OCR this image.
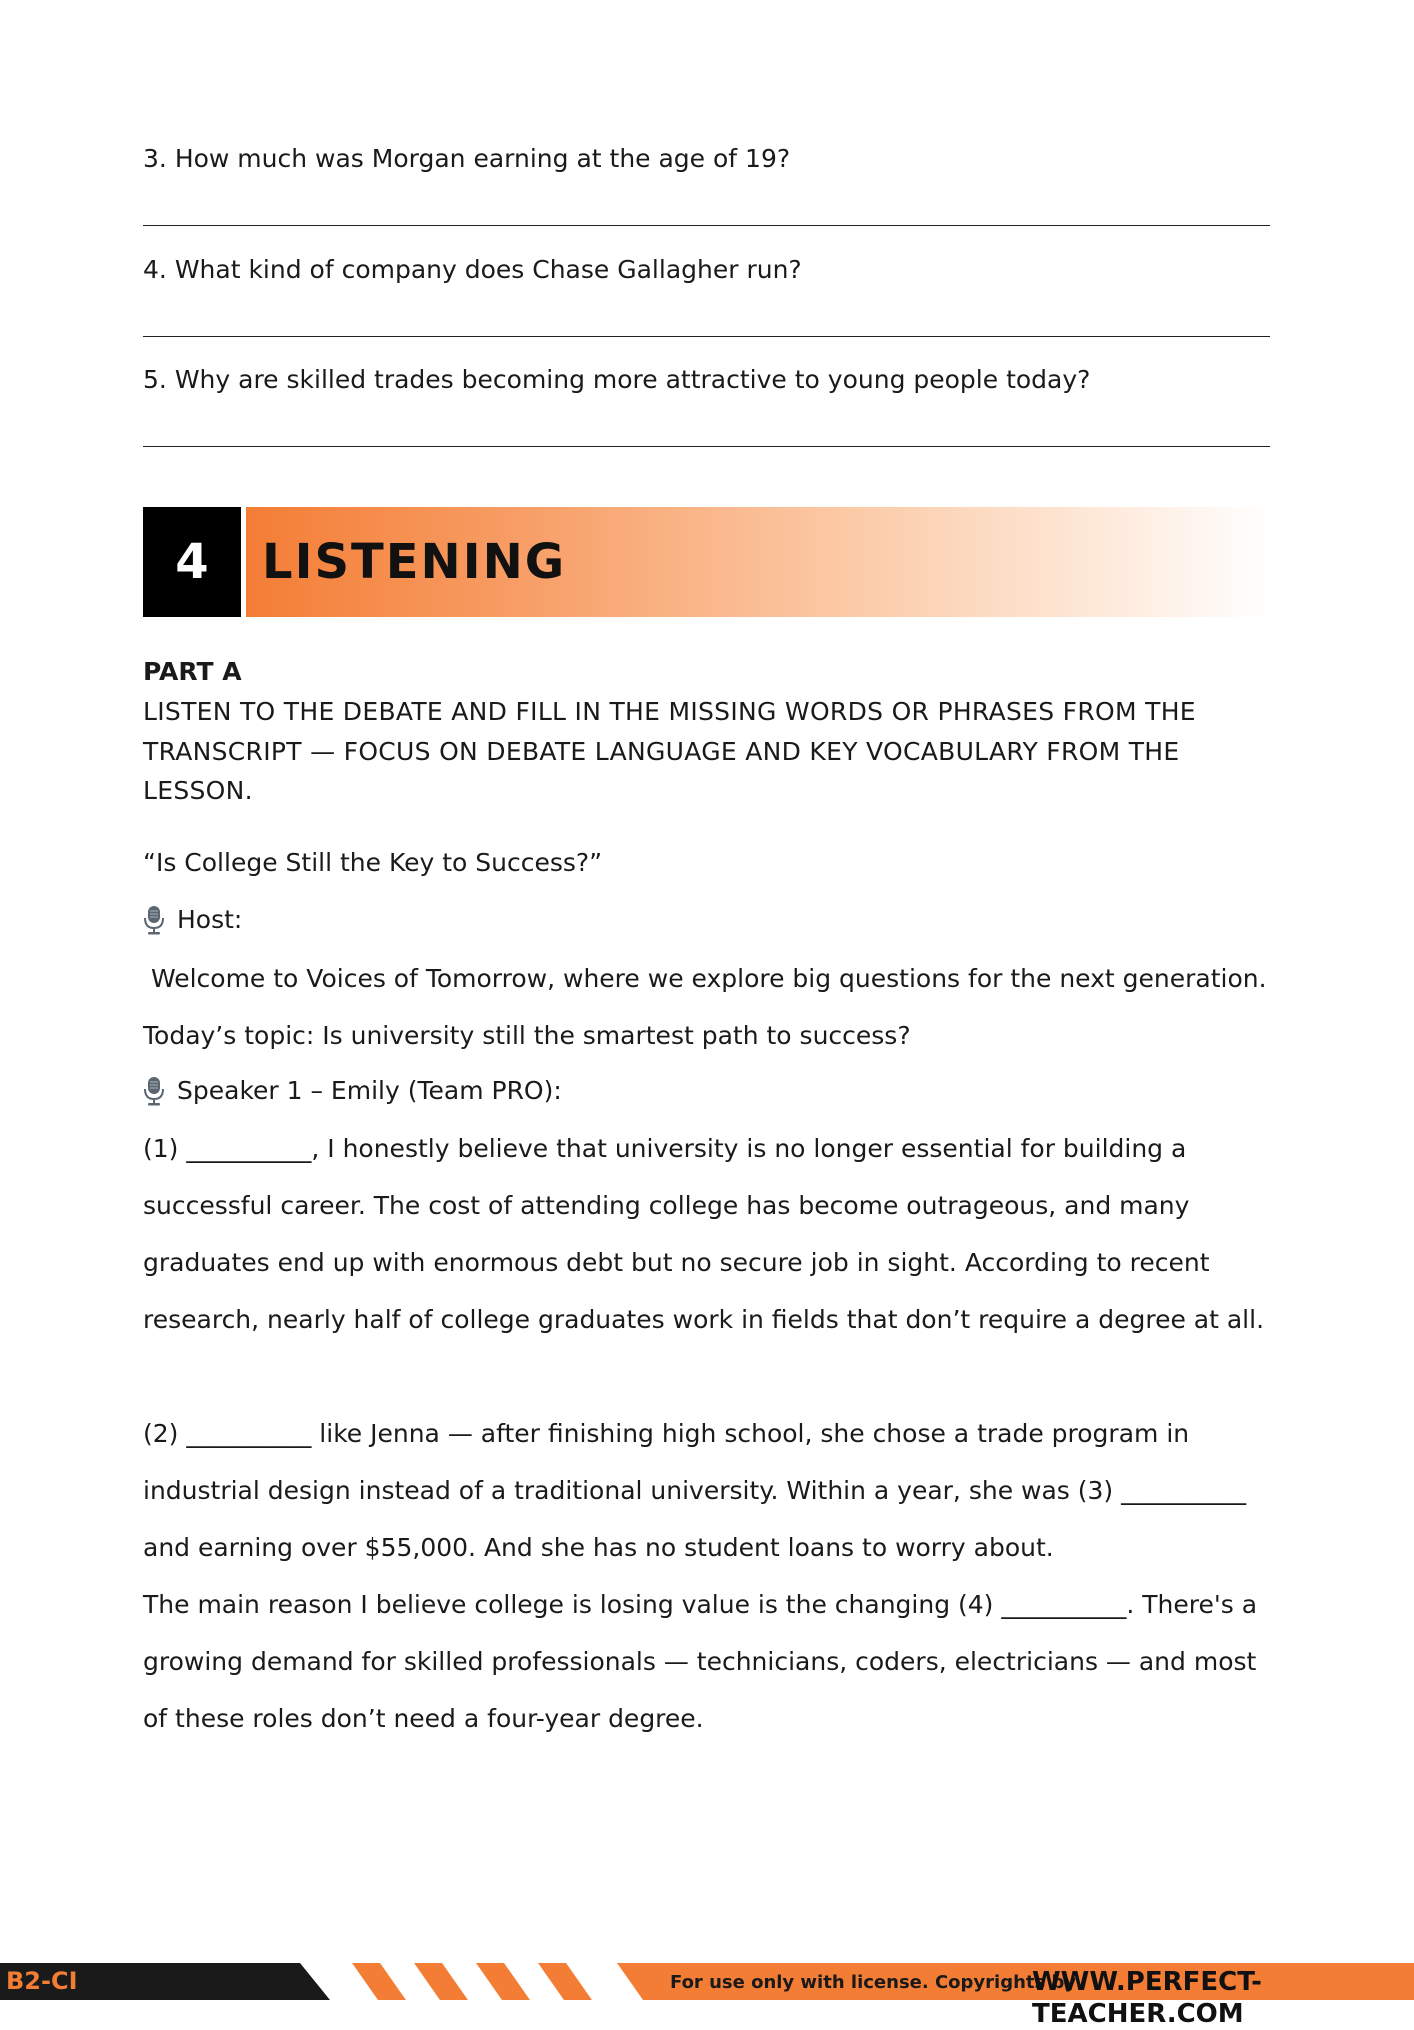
3. How much was Morgan earning at the age of 19?
4. What kind of company does Chase Gallagher run?
5. Why are skilled trades becoming more attractive to young people today?
4	LISTENING
PART A
LISTEN TO THE DEBATE AND FILL IN THE MISSING WORDS OR PHRASES FROM THE TRANSCRIPT — FOCUS ON DEBATE LANGUAGE AND KEY VOCABULARY FROM THE LESSON.
“Is College Still the Key to Success?”
Host:
Welcome to Voices of Tomorrow, where we explore big questions for the next generation. Today’s topic: Is university still the smartest path to success?
Speaker 1 – Emily (Team PRO):
(1) __________, I honestly believe that university is no longer essential for building a successful career. The cost of attending college has become outrageous, and many graduates end up with enormous debt but no secure job in sight. According to recent research, nearly half of college graduates work in fields that don’t require a degree at all.
(2) __________ like Jenna — after finishing high school, she chose a trade program in industrial design instead of a traditional university. Within a year, she was (3) __________ and earning over $55,000. And she has no student loans to worry about.
The main reason I believe college is losing value is the changing (4) __________. There's a growing demand for skilled professionals — technicians, coders, electricians — and most of these roles don’t need a four-year degree.
B2-CI	For use only with license. Copyrights by
WWW.PERFECT-TEACHER.COM
